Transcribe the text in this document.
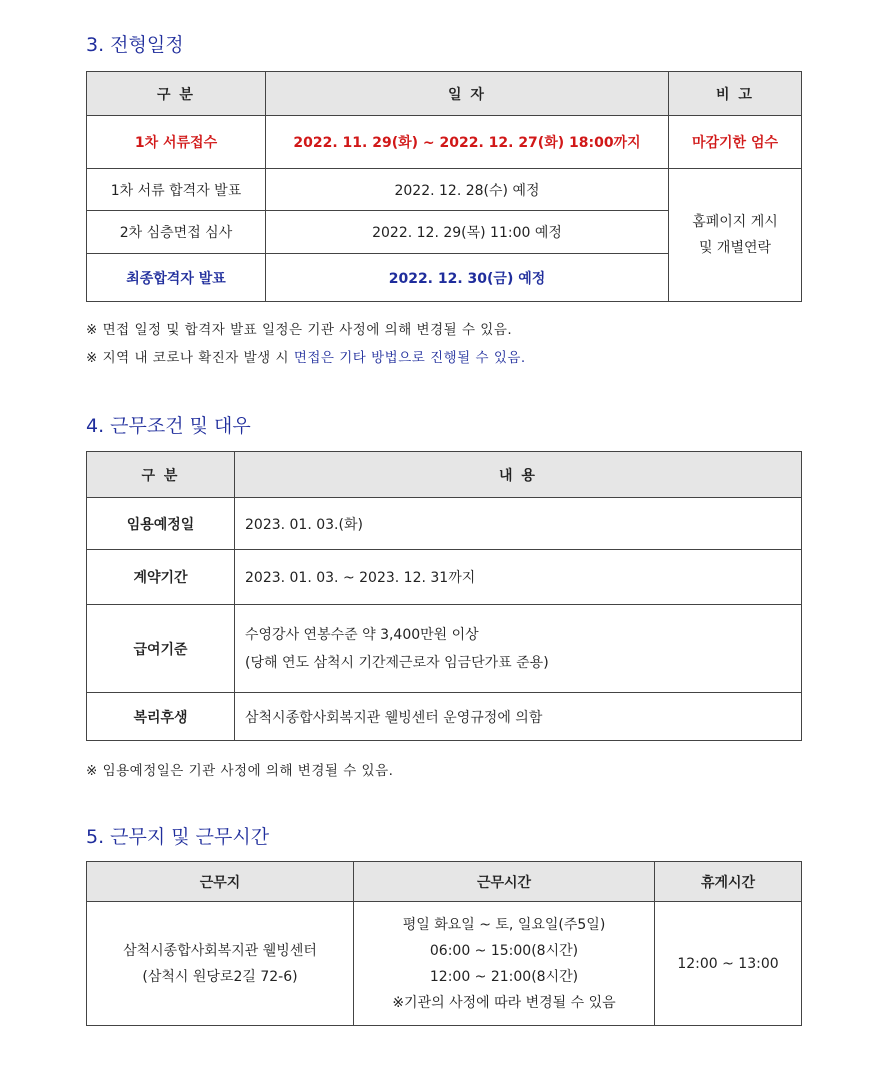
3. 전형일정
구 분	일 자	비 고
1차 서류접수	2022. 11. 29(화) ~ 2022. 12. 27(화) 18:00까지	마감기한 엄수
1차 서류 합격자 발표	2022. 12. 28(수) 예정	홈페이지 게시
및 개별연락

2차 심층면접 심사	2022. 12. 29(목) 11:00 예정	
최종합격자 발표	2022. 12. 30(금) 예정	

※ 면접 일정 및 합격자 발표 일정은 기관 사정에 의해 변경될 수 있음.

※ 지역 내 코로나 확진자 발생 시 면접은 기타 방법으로 진행될 수 있음.

4. 근무조건 및 대우
구 분	내 용
임용예정일	2023. 01. 03.(화)
계약기간	2023. 01. 03. ~ 2023. 12. 31까지
급여기준	수영강사 연봉수준 약 3,400만원 이상
(당해 연도 삼척시 기간제근로자 임금단가표 준용)

복리후생	삼척시종합사회복지관 웰빙센터 운영규정에 의함

※ 임용예정일은 기관 사정에 의해 변경될 수 있음.

5. 근무지 및 근무시간
근무지	근무시간	휴게시간

삼척시종합사회복지관 웰빙센터
(삼척시 원당로2길 72-6)	평일 화요일 ~ 토, 일요일(주5일)
06:00 ~ 15:00(8시간)
12:00 ~ 21:00(8시간)
※기관의 사정에 따라 변경될 수 있음	12:00 ~ 13:00
